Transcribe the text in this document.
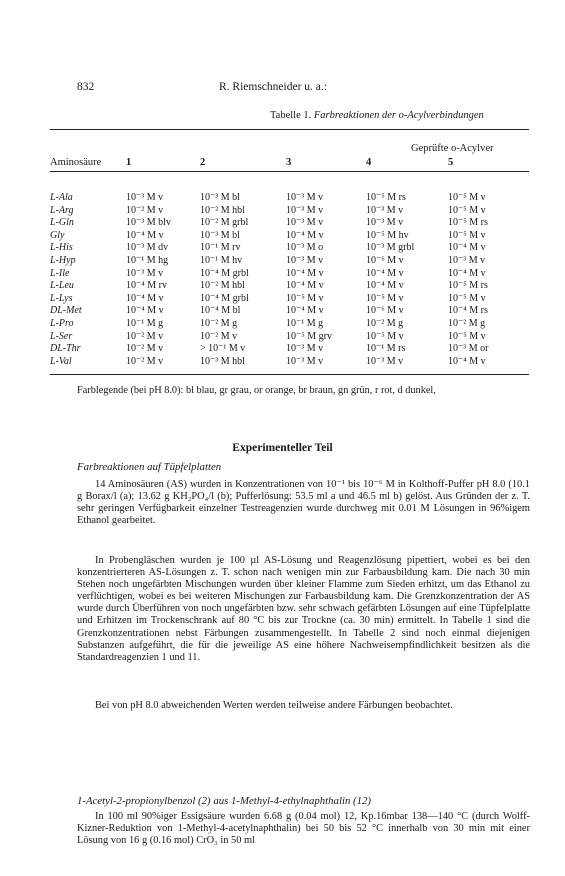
832	R. Riemschneider u. a.:
Tabelle 1. Farbreaktionen der o-Acylverbindungen
Geprüfte o-Acylver
Aminosäure 1	2	3	4	5
L-Ala	10⁻³ M v	10⁻³ M bl	10⁻³ M v	10⁻⁵ M rs	10⁻⁵ M v
L-Arg	10⁻² M v	10⁻² M hbl	10⁻³ M v	10⁻³ M v	10⁻⁵ M v
L-Gln	10⁻³ M blv	10⁻² M grbl	10⁻³ M v	10⁻³ M v	10⁻⁵ M rs
Gly	10⁻⁴ M v	10⁻³ M bl	10⁻⁴ M v	10⁻⁵ M hv	10⁻⁵ M v
L-His	10⁻³ M dv	10⁻¹ M rv	10⁻³ M o	10⁻³ M grbl	10⁻⁴ M v
L-Hyp	10⁻¹ M hg	10⁻¹ M hv	10⁻³ M v	10⁻⁶ M v	10⁻³ M v
L-Ile	10⁻³ M v	10⁻⁴ M grbl	10⁻⁴ M v	10⁻⁴ M v	10⁻⁴ M v
L-Leu	10⁻⁴ M rv	10⁻² M hbl	10⁻⁴ M v	10⁻⁴ M v	10⁻⁵ M rs
L-Lys	10⁻⁴ M v	10⁻⁴ M grbl	10⁻⁵ M v	10⁻⁵ M v	10⁻⁵ M v
DL-Met	10⁻⁴ M v	10⁻⁴ M bl	10⁻⁴ M v	10⁻⁶ M v	10⁻⁴ M rs
L-Pro	10⁻¹ M g	10⁻² M g	10⁻¹ M g	10⁻² M g	10⁻² M g
L-Ser	10⁻² M v	10⁻² M v	10⁻⁵ M grv	10⁻⁵ M v	10⁻⁵ M v
DL-Thr	10⁻² M v	> 10⁻¹ M v	10⁻³ M v	10⁻¹ M rs	10⁻³ M or
L-Val	10⁻² M v	10⁻³ M hbl	10⁻³ M v	10⁻³ M v	10⁻⁴ M v
Farblegende (bei pH 8.0): bl blau, gr grau, or orange, br braun, gn grün, r rot, d dunkel,
Experimenteller Teil
Farbreaktionen auf Tüpfelplatten

14 Aminosäuren (AS) wurden in Konzentrationen von 10⁻¹ bis 10⁻⁶ M in Kolthoff-Puffer pH 8.0 (10.1 g Borax/l (a); 13.62 g KH₂PO₄/l (b); Pufferlösung: 53.5 ml a und 46.5 ml b) gelöst. Aus Gründen der z. T. sehr geringen Verfügbarkeit einzelner Testreagenzien wurde durchweg mit 0.01 M Lösungen in 96%igem Ethanol gearbeitet.

In Probengläschen wurden je 100 µl AS-Lösung und Reagenzlösung pipettiert, wobei es bei den konzentrierteren AS-Lösungen z. T. schon nach wenigen min zur Farbausbildung kam. Die nach 30 min Stehen noch ungefärbten Mischungen wurden über kleiner Flamme zum Sieden erhitzt, um das Ethanol zu verflüchtigen, wobei es bei weiteren Mischungen zur Farbausbildung kam. Die Grenzkonzentration der AS wurde durch Überführen von noch ungefärbten bzw. sehr schwach gefärbten Lösungen auf eine Tüpfelplatte und Erhitzen im Trockenschrank auf 80 °C bis zur Trockne (ca. 30 min) ermittelt. In Tabelle 1 sind die Grenzkonzentrationen nebst Färbungen zusammengestellt. In Tabelle 2 sind noch einmal diejenigen Substanzen aufgeführt, die für die jeweilige AS eine höhere Nachweisempfindlichkeit besitzen als die Standardreagenzien 1 und 11.

Bei von pH 8.0 abweichenden Werten werden teilweise andere Färbungen beobachtet.

1-Acetyl-2-propionylbenzol (2) aus 1-Methyl-4-ethylnaphthalin (12)

In 100 ml 90%iger Essigsäure wurden 6.68 g (0.04 mol) 12, Kp.16mbar 138—140 °C (durch Wolff-Kizner-Reduktion von 1-Methyl-4-acetylnaphthalin) bei 50 bis 52 °C innerhalb von 30 min mit einer Lösung von 16 g (0.16 mol) CrO₃ in 50 ml
